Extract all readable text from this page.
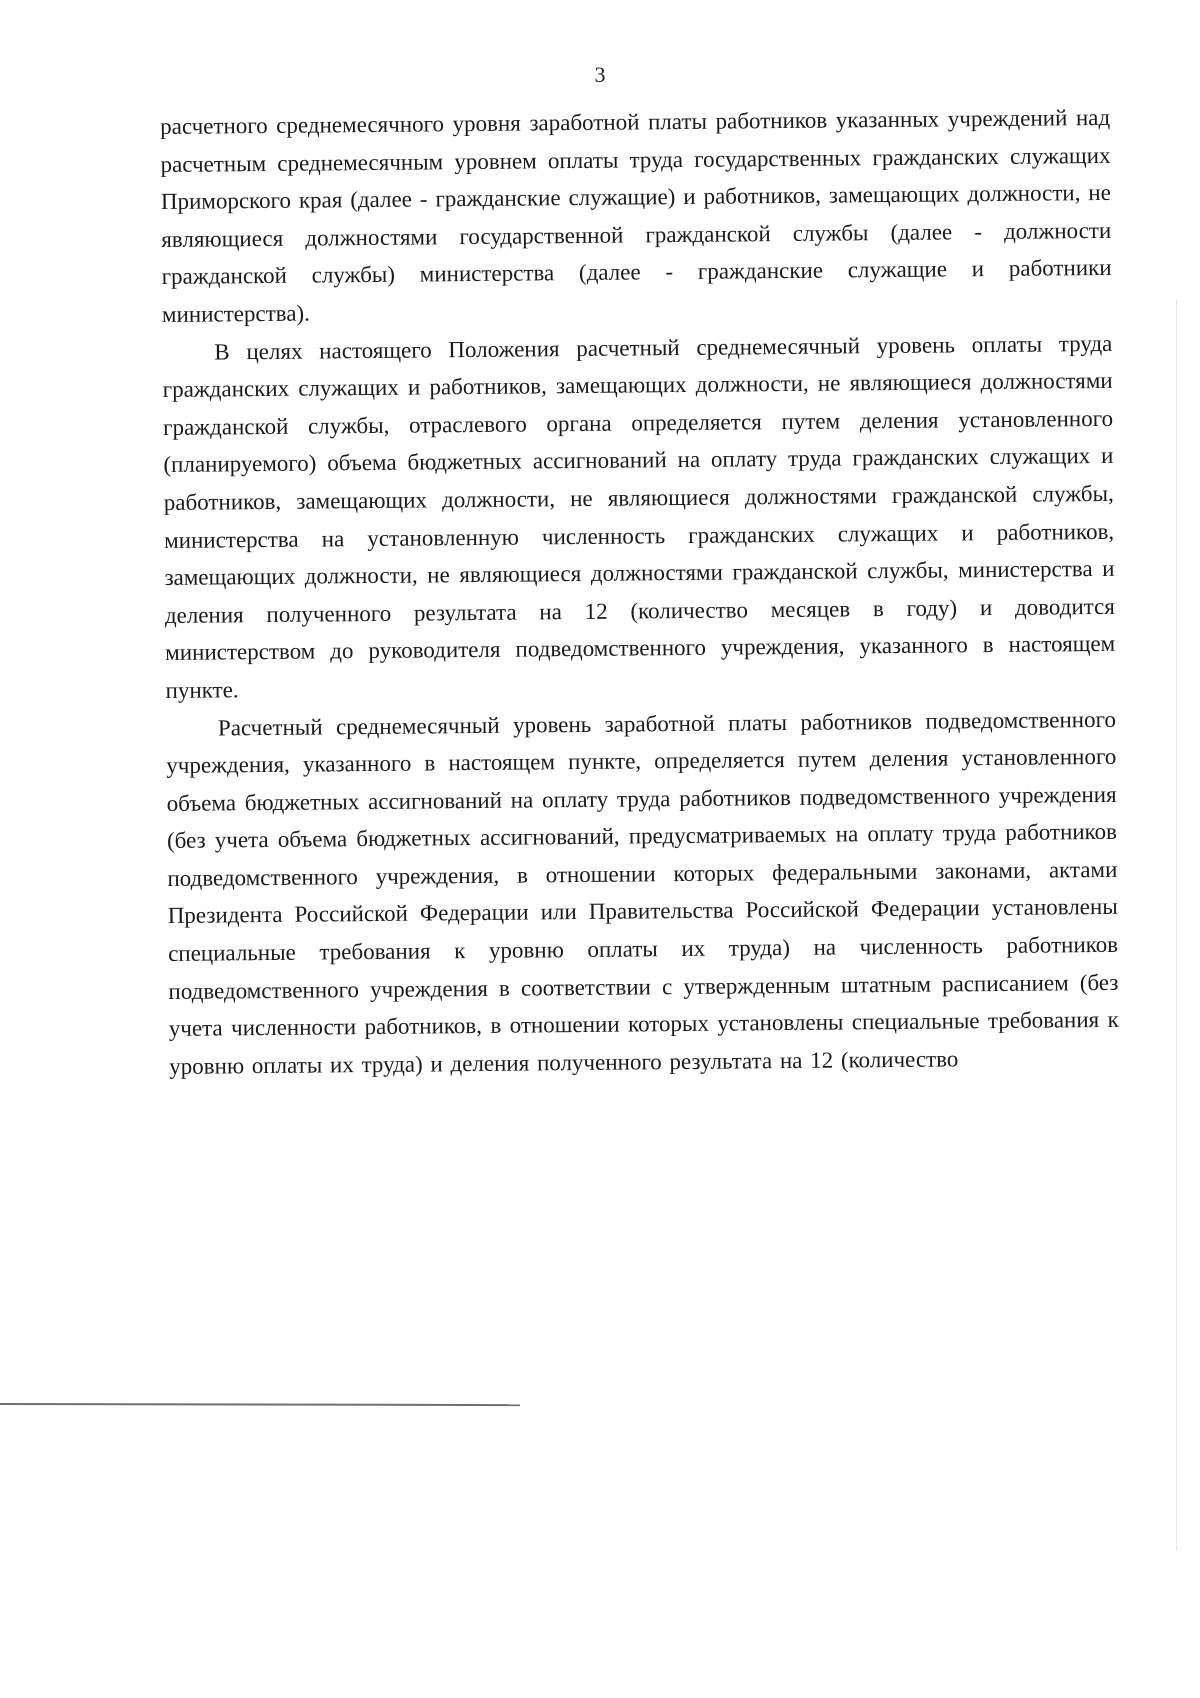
3

расчетного среднемесячного уровня заработной платы работников указанных учреждений над расчетным среднемесячным уровнем оплаты труда государственных гражданских служащих Приморского края (далее - гражданские служащие) и работников, замещающих должности, не являющиеся должностями государственной гражданской службы (далее - должности гражданской службы) министерства (далее - гражданские служащие и работники министерства).

В целях настоящего Положения расчетный среднемесячный уровень оплаты труда гражданских служащих и работников, замещающих должности, не являющиеся должностями гражданской службы, отраслевого органа определяется путем деления установленного (планируемого) объема бюджетных ассигнований на оплату труда гражданских служащих и работников, замещающих должности, не являющиеся должностями гражданской службы, министерства на установленную численность гражданских служащих и работников, замещающих должности, не являющиеся должностями гражданской службы, министерства и деления полученного результата на 12 (количество месяцев в году) и доводится министерством до руководителя подведомственного учреждения, указанного в настоящем пункте.

Расчетный среднемесячный уровень заработной платы работников подведомственного учреждения, указанного в настоящем пункте, определяется путем деления установленного объема бюджетных ассигнований на оплату труда работников подведомственного учреждения (без учета объема бюджетных ассигнований, предусматриваемых на оплату труда работников подведомственного учреждения, в отношении которых федеральными законами, актами Президента Российской Федерации или Правительства Российской Федерации установлены специальные требования к уровню оплаты их труда) на численность работников подведомственного учреждения в соответствии с утвержденным штатным расписанием (без учета численности работников, в отношении которых установлены специальные требования к уровню оплаты их труда) и деления полученного результата на 12 (количество
